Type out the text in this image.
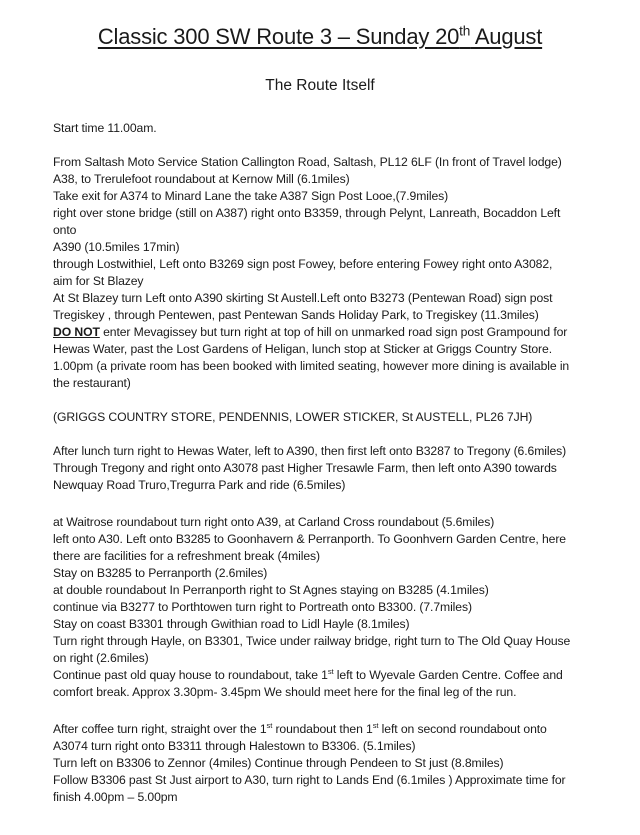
Classic 300 SW Route 3 – Sunday 20th August
The Route Itself
Start time 11.00am.
From Saltash Moto Service Station Callington Road, Saltash, PL12 6LF (In front of Travel lodge)
A38, to Trerulefoot roundabout at Kernow Mill (6.1miles)
Take exit for A374 to Minard Lane the take A387 Sign Post Looe,(7.9miles)
right over stone bridge (still on A387) right onto B3359, through Pelynt, Lanreath, Bocaddon Left
onto
A390 (10.5miles 17min)
through Lostwithiel, Left onto B3269 sign post Fowey, before entering Fowey right onto A3082,
aim for St Blazey
At St Blazey turn Left onto A390 skirting St Austell.Left onto B3273 (Pentewan Road) sign post
Tregiskey , through Pentewen, past Pentewan Sands Holiday Park, to Tregiskey (11.3miles)
DO NOT enter Mevagissey but turn right at top of hill on unmarked road sign post Grampound for
Hewas Water, past the Lost Gardens of Heligan, lunch stop at Sticker at Griggs Country Store.
1.00pm (a private room has been booked with limited seating, however more dining is available in
the restaurant)
(GRIGGS COUNTRY STORE, PENDENNIS, LOWER STICKER, St AUSTELL, PL26 7JH)
After lunch turn right to Hewas Water, left to A390, then first left onto B3287 to Tregony (6.6miles)
Through Tregony and right onto A3078 past Higher Tresawle Farm, then left onto A390 towards
Newquay Road Truro,Tregurra Park and ride (6.5miles)
at Waitrose roundabout turn right onto A39, at Carland Cross roundabout (5.6miles)
left onto A30. Left onto B3285 to Goonhavern & Perranporth. To Goonhvern Garden Centre, here
there are facilities for a refreshment break (4miles)
Stay on B3285 to Perranporth (2.6miles)
at double roundabout In Perranporth right to St Agnes staying on B3285 (4.1miles)
continue via B3277 to Porthtowen turn right to Portreath onto B3300. (7.7miles)
Stay on coast B3301 through Gwithian road to Lidl Hayle (8.1miles)
Turn right through Hayle, on B3301, Twice under railway bridge, right turn to The Old Quay House
on right (2.6miles)
Continue past old quay house to roundabout, take 1st left to Wyevale Garden Centre. Coffee and
comfort break. Approx 3.30pm- 3.45pm We should meet here for the final leg of the run.
After coffee turn right, straight over the 1st roundabout then 1st left on second roundabout onto
A3074 turn right onto B3311 through Halestown to B3306. (5.1miles)
Turn left on B3306 to Zennor (4miles) Continue through Pendeen to St just (8.8miles)
Follow B3306 past St Just airport to A30, turn right to Lands End (6.1miles ) Approximate time for
finish 4.00pm – 5.00pm
